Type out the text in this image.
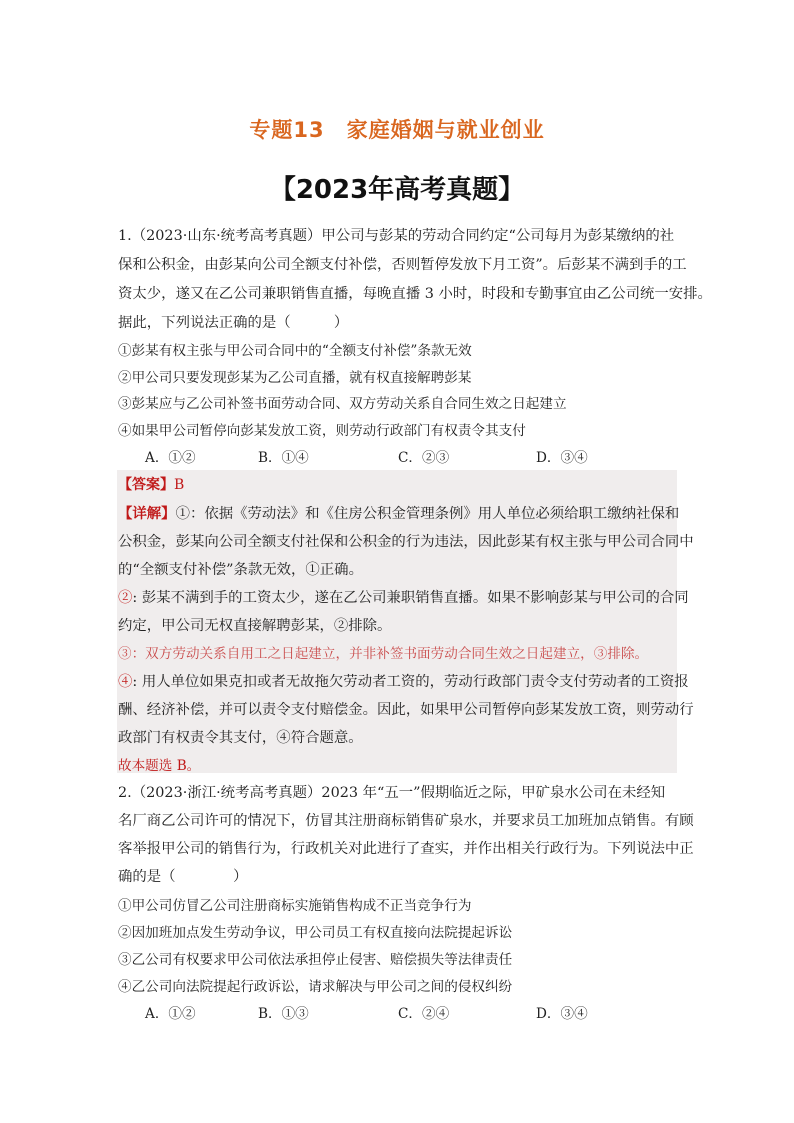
专题13　家庭婚姻与就业创业
【2023年高考真题】
1.（2023·山东·统考高考真题）甲公司与彭某的劳动合同约定“公司每月为彭某缴纳的社
保和公积金，由彭某向公司全额支付补偿，否则暂停发放下月工资”。后彭某不满到手的工
资太少，遂又在乙公司兼职销售直播，每晚直播 3 小时，时段和专勤事宜由乙公司统一安排。
据此，下列说法正确的是（　　　）
①彭某有权主张与甲公司合同中的“全额支付补偿”条款无效
②甲公司只要发现彭某为乙公司直播，就有权直接解聘彭某
③彭某应与乙公司补签书面劳动合同、双方劳动关系自合同生效之日起建立
④如果甲公司暂停向彭某发放工资，则劳动行政部门有权责令其支付
A．①②	B．①④	C．②③	D．③④
【答案】B
【详解】①：依据《劳动法》和《住房公积金管理条例》用人单位必须给职工缴纳社保和
公积金，彭某向公司全额支付社保和公积金的行为违法，因此彭某有权主张与甲公司合同中
的“全额支付补偿”条款无效，①正确。
②: 彭某不满到手的工资太少，遂在乙公司兼职销售直播。如果不影响彭某与甲公司的合同
约定，甲公司无权直接解聘彭某，②排除。
③：双方劳动关系自用工之日起建立，并非补签书面劳动合同生效之日起建立，③排除。
④: 用人单位如果克扣或者无故拖欠劳动者工资的，劳动行政部门责令支付劳动者的工资报
酬、经济补偿，并可以责令支付赔偿金。因此，如果甲公司暂停向彭某发放工资，则劳动行
政部门有权责令其支付，④符合题意。
故本题选 B。
2.（2023·浙江·统考高考真题）2023 年“五一”假期临近之际，甲矿泉水公司在未经知
名厂商乙公司许可的情况下，仿冒其注册商标销售矿泉水，并要求员工加班加点销售。有顾
客举报甲公司的销售行为，行政机关对此进行了查实，并作出相关行政行为。下列说法中正
确的是（　　　　）
①甲公司仿冒乙公司注册商标实施销售构成不正当竞争行为
②因加班加点发生劳动争议，甲公司员工有权直接向法院提起诉讼
③乙公司有权要求甲公司依法承担停止侵害、赔偿损失等法律责任
④乙公司向法院提起行政诉讼，请求解决与甲公司之间的侵权纠纷
A．①②	B．①③	C．②④	D．③④
